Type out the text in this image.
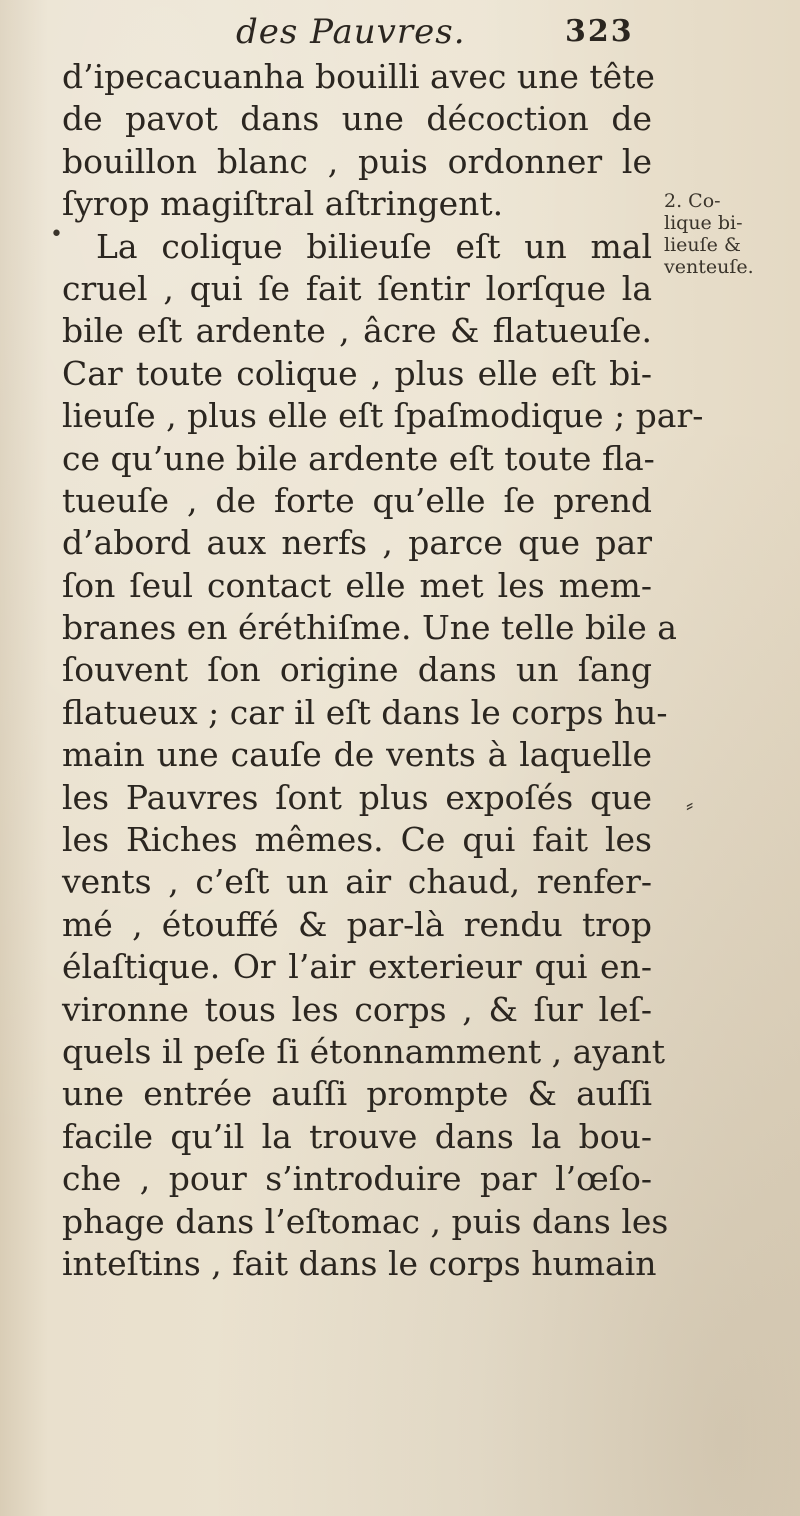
des Pauvres.	323
d’ipecacuanha bouilli avec une tête
de pavot dans une décoction de
bouillon blanc , puis ordonner le
ſyrop magiſtral aſtringent.
La colique bilieuſe eſt un mal
cruel , qui ſe fait ſentir lorſque la
bile eſt ardente , âcre & flatueuſe.
Car toute colique , plus elle eſt bi-
lieuſe , plus elle eſt ſpaſmodique ; par-
ce qu’une bile ardente eſt toute fla-
tueuſe , de forte qu’elle ſe prend
d’abord aux nerfs , parce que par
ſon ſeul contact elle met les mem-
branes en éréthiſme. Une telle bile a
ſouvent ſon origine dans un ſang
flatueux ; car il eſt dans le corps hu-
main une cauſe de vents à laquelle
les Pauvres ſont plus expoſés que
les Riches mêmes. Ce qui fait les
vents , c’eſt un air chaud, renfer-
mé , étouffé & par-là rendu trop
élaſtique. Or l’air exterieur qui en-
vironne tous les corps , & ſur leſ-
quels il peſe ſi étonnamment , ayant
une entrée auſſi prompte & auſſi
facile qu’il la trouve dans la bou-
che , pour s’introduire par l’œſo-
phage dans l’eſtomac , puis dans les
inteſtins , fait dans le corps humain
2. Co-
lique bi-
lieuſe &
venteuſe.
•
⸗
